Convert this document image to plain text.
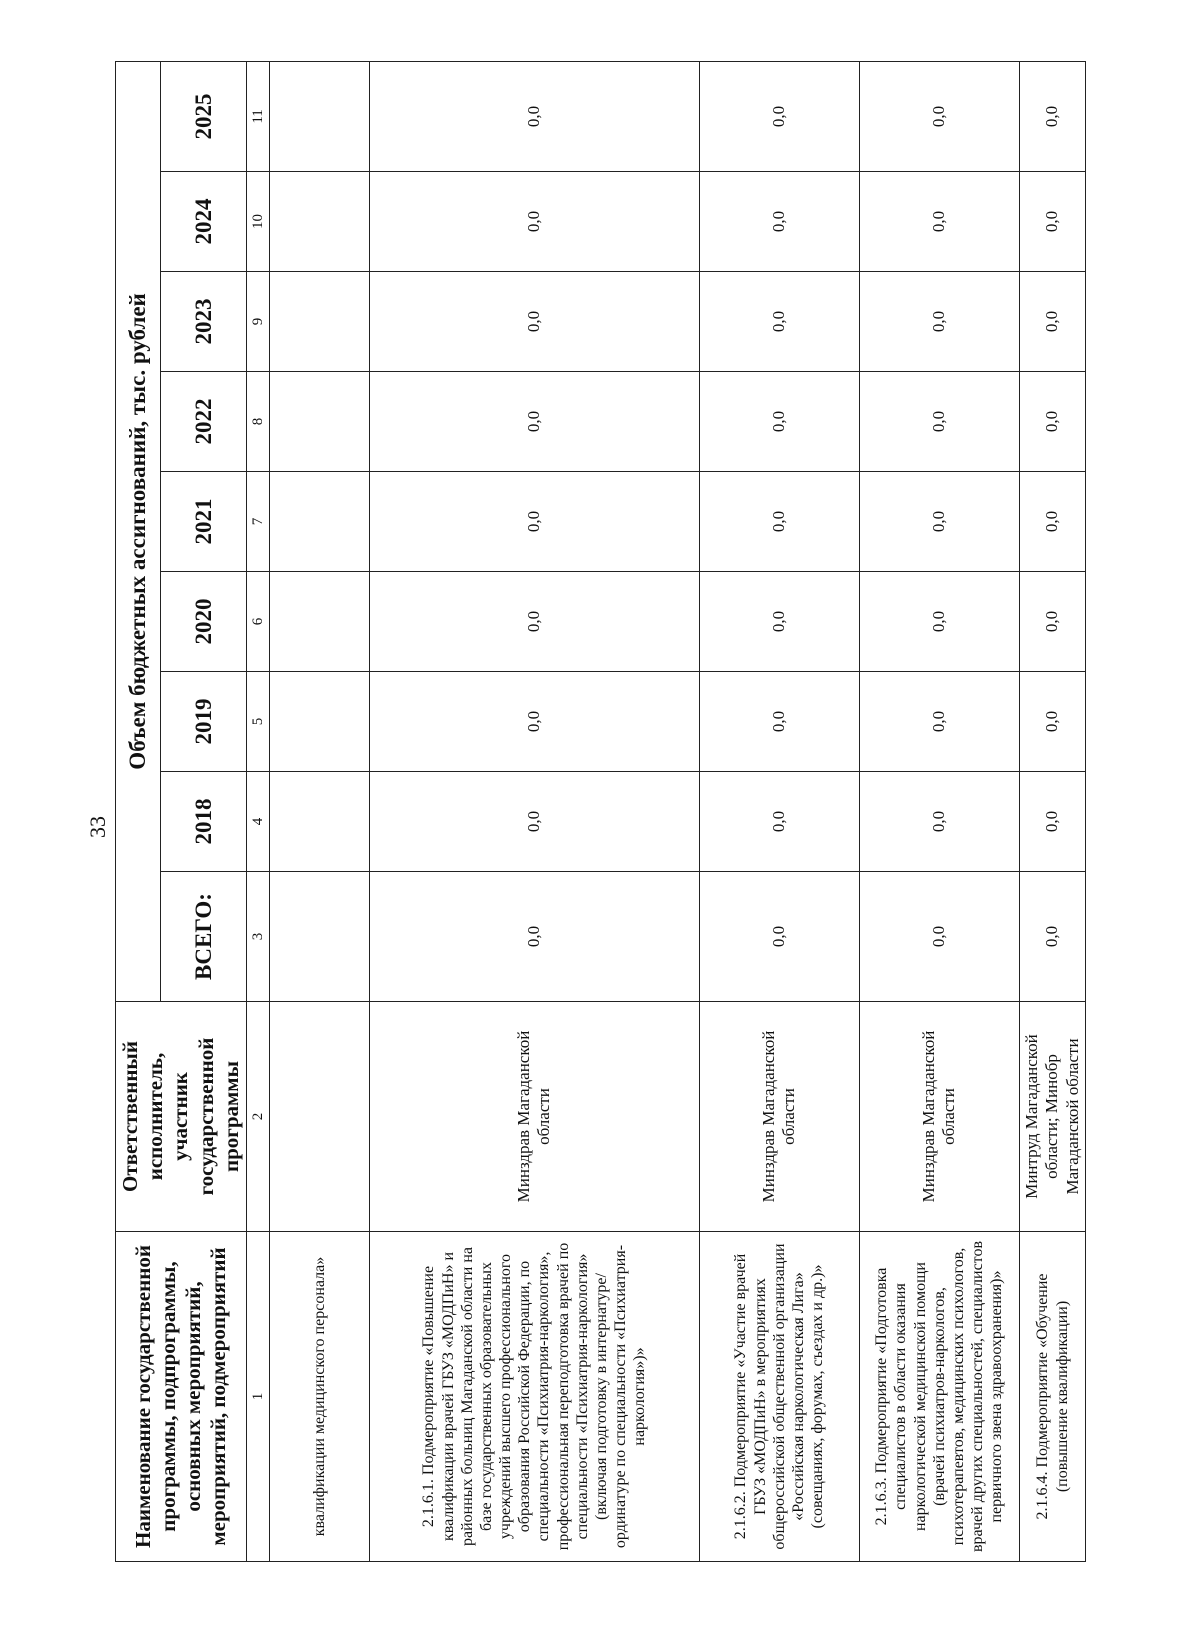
33
Наименование государственной программы, подпрограммы, основных мероприятий, мероприятий, подмероприятий	Ответственный исполнитель, участник государственной программы	Объем бюджетных ассигнований, тыс. рублей								
		ВСЕГО:	2018	2019	2020	2021	2022	2023	2024	2025
1	2	3	4	5	6	7	8	9	10	11
квалификации медицинского персонала»										
2.1.6.1. Подмероприятие «Повышение квалификации врачей ГБУЗ «МОДПиН» и районных больниц Магаданской области на базе государственных образовательных учреждений высшего профессионального образования Российской Федерации, по специальности «Психиатрия-наркология», профессиональная переподготовка врачей по специальности «Психиатрия-наркология» (включая подготовку в интернатуре/ ординатуре по специальности «Психиатрия-наркология»)»	Минздрав Магаданской области	0,0	0,0	0,0	0,0	0,0	0,0	0,0	0,0	0,0
2.1.6.2. Подмероприятие «Участие врачей ГБУЗ «МОДПиН» в мероприятиях общероссийской общественной организации «Российская наркологическая Лига» (совещаниях, форумах, съездах и др.)»	Минздрав Магаданской области	0,0	0,0	0,0	0,0	0,0	0,0	0,0	0,0	0,0
2.1.6.3. Подмероприятие «Подготовка специалистов в области оказания наркологической медицинской помощи (врачей психиатров-наркологов, психотерапевтов, медицинских психологов, врачей других специальностей, специалистов первичного звена здравоохранения)»	Минздрав Магаданской области	0,0	0,0	0,0	0,0	0,0	0,0	0,0	0,0	0,0
2.1.6.4. Подмероприятие «Обучение (повышение квалификации)	Минтруд Магаданской области; Минобр Магаданской области	0,0	0,0	0,0	0,0	0,0	0,0	0,0	0,0	0,0
